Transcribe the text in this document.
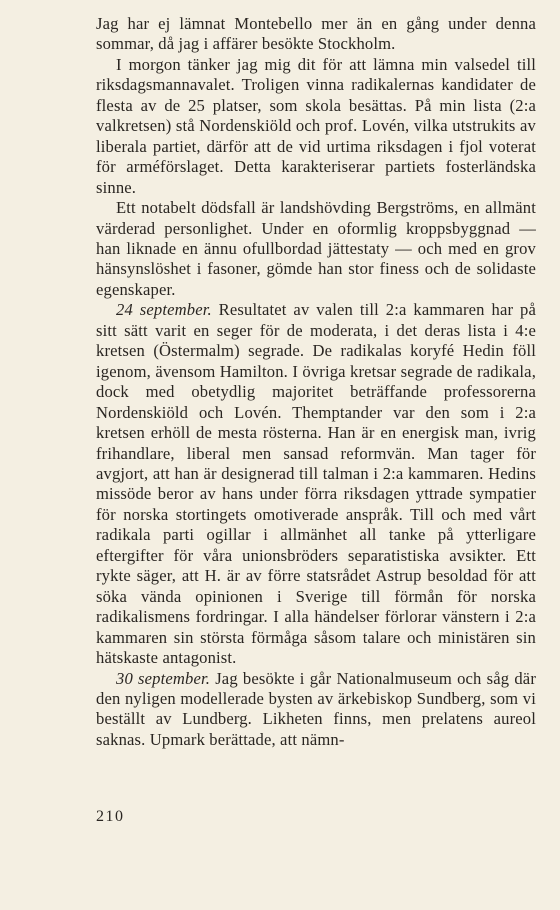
Jag har ej lämnat Montebello mer än en gång under denna sommar, då jag i affärer besökte Stockholm.

I morgon tänker jag mig dit för att lämna min valsedel till riksdagsmannavalet. Troligen vinna radikalernas kandidater de flesta av de 25 platser, som skola besättas. På min lista (2:a valkretsen) stå Nordenskiöld och prof. Lovén, vilka utstrukits av liberala partiet, därför att de vid urtima riksdagen i fjol voterat för arméförslaget. Detta karakteriserar partiets fosterländska sinne.

Ett notabelt dödsfall är landshövding Bergströms, en allmänt värderad personlighet. Under en oformlig kroppsbyggnad — han liknade en ännu ofullbordad jättestaty — och med en grov hänsynslöshet i fasoner, gömde han stor finess och de solidaste egenskaper.

24 september. Resultatet av valen till 2:a kammaren har på sitt sätt varit en seger för de moderata, i det deras lista i 4:e kretsen (Östermalm) segrade. De radikalas koryfé Hedin föll igenom, ävensom Hamilton. I övriga kretsar segrade de radikala, dock med obetydlig majoritet beträffande professorerna Nordenskiöld och Lovén. Themptander var den som i 2:a kretsen erhöll de mesta rösterna. Han är en energisk man, ivrig frihandlare, liberal men sansad reformvän. Man tager för avgjort, att han är designerad till talman i 2:a kammaren. Hedins missöde beror av hans under förra riksdagen yttrade sympatier för norska stortingets omotiverade anspråk. Till och med vårt radikala parti ogillar i allmänhet all tanke på ytterligare eftergifter för våra unionsbröders separatistiska avsikter. Ett rykte säger, att H. är av förre statsrådet Astrup besoldad för att söka vända opinionen i Sverige till förmån för norska radikalismens fordringar. I alla händelser förlorar vänstern i 2:a kammaren sin största förmåga såsom talare och ministären sin hätskaste antagonist.

30 september. Jag besökte i går Nationalmuseum och såg där den nyligen modellerade bysten av ärkebiskop Sundberg, som vi beställt av Lundberg. Likheten finns, men prelatens aureol saknas. Upmark berättade, att nämn-

210
